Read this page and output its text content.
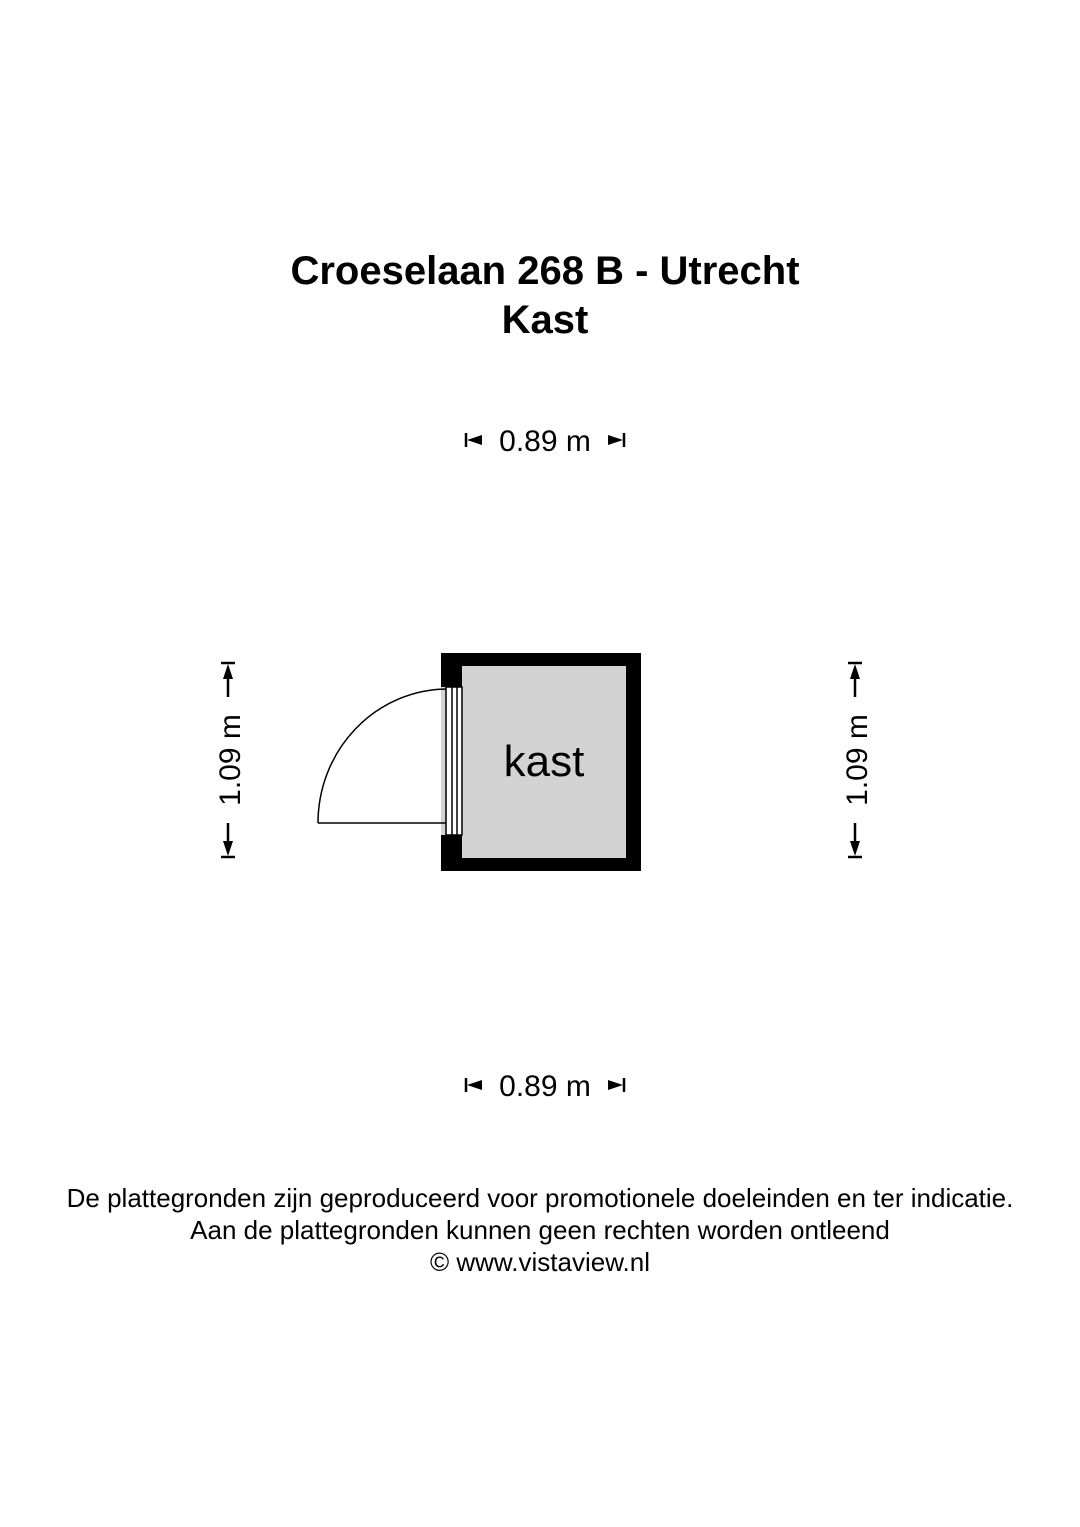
Croeselaan 268 B - Utrecht
Kast
0.89 m
0.89 m
1.09 m	1.09 m
kast
De plattegronden zijn geproduceerd voor promotionele doeleinden en ter indicatie.
Aan de plattegronden kunnen geen rechten worden ontleend
© www.vistaview.nl
